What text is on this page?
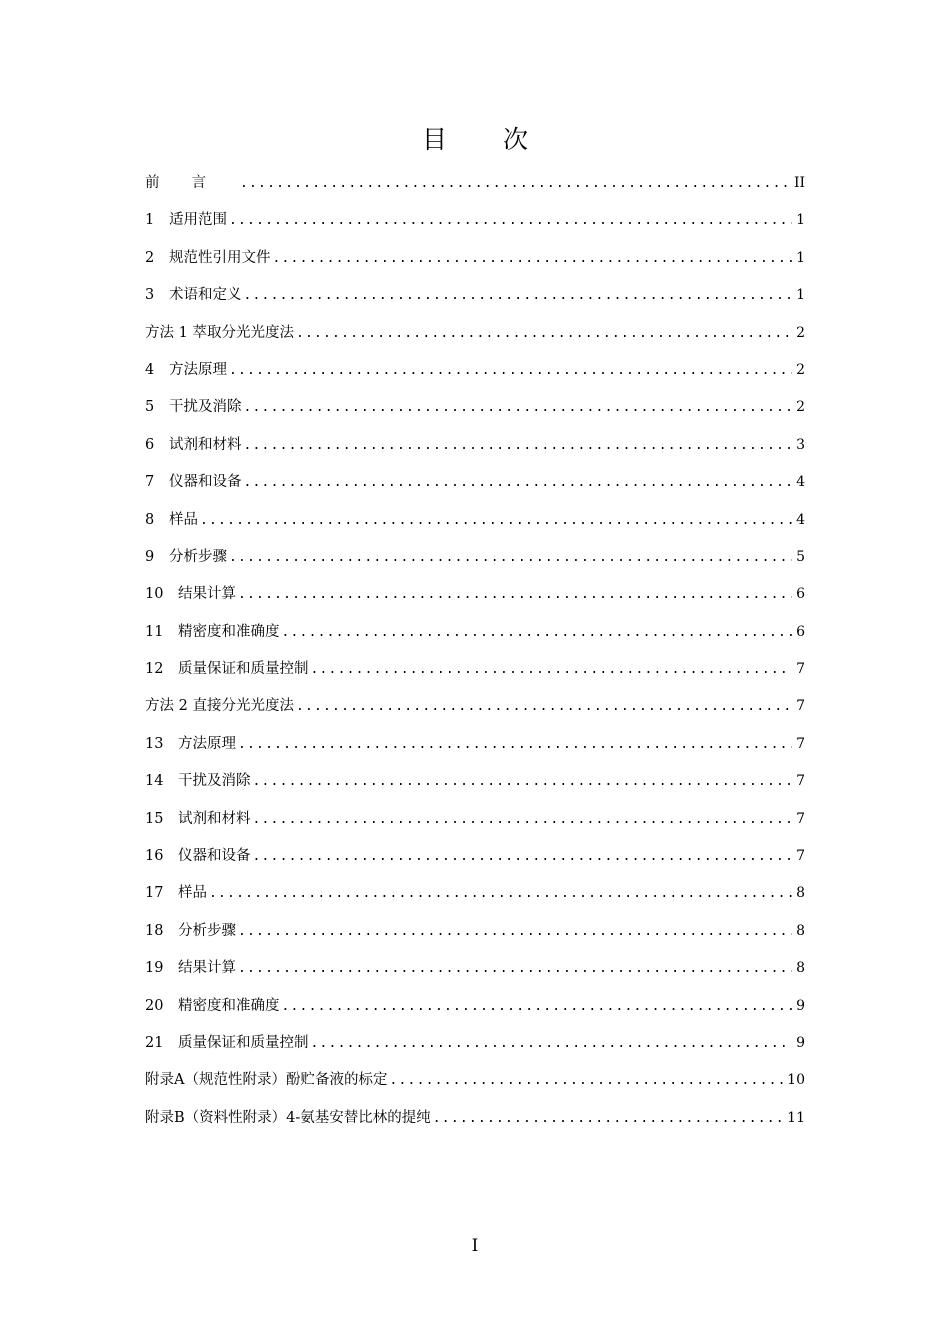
目 次
前言 .....	II
1	适用范围 .....	1
2	规范性引用文件 .....	1
3	术语和定义 .....	1
方法 1 萃取分光光度法 .....	2
4	方法原理 .....	2
5	干扰及消除 .....	2
6	试剂和材料 .....	3
7	仪器和设备 .....	4
8	样品 .....	4
9	分析步骤 .....	5
10	结果计算 .....	6
11	精密度和准确度 .....	6
12	质量保证和质量控制 .....	7
方法 2 直接分光光度法 .....	7
13	方法原理 .....	7
14	干扰及消除 .....	7
15	试剂和材料 .....	7
16	仪器和设备 .....	7
17	样品 .....	8
18	分析步骤 .....	8
19	结果计算 .....	8
20	精密度和准确度 .....	9
21	质量保证和质量控制 .....	9
附录A（规范性附录）酚贮备液的标定 .....	10
附录B（资料性附录）4-氨基安替比林的提纯 .....	11
I
